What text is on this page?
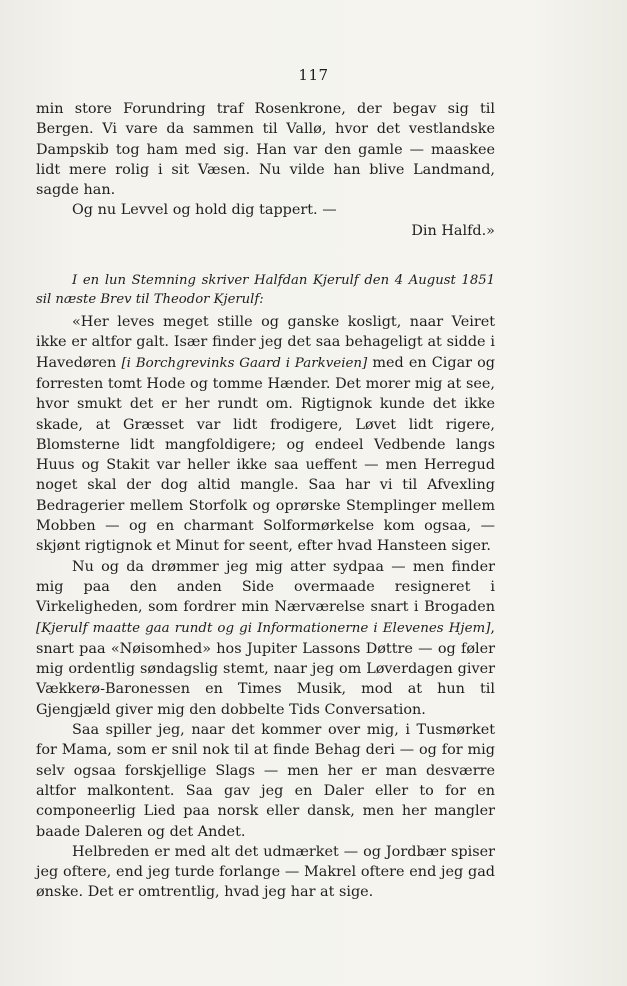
117

min store Forundring traf Rosenkrone, der begav sig til Bergen. Vi vare da sammen til Vallø, hvor det vestlandske Dampskib tog ham med sig. Han var den gamle — maaskee lidt mere rolig i sit Væsen. Nu vilde han blive Landmand, sagde han.

Og nu Levvel og hold dig tappert. —

Din Halfd.»

I en lun Stemning skriver Halfdan Kjerulf den 4 August 1851 sil næste Brev til Theodor Kjerulf:

«Her leves meget stille og ganske kosligt, naar Veiret ikke er altfor galt. Især finder jeg det saa behageligt at sidde i Havedøren [i Borchgrevinks Gaard i Parkveien] med en Cigar og forresten tomt Hode og tomme Hænder. Det morer mig at see, hvor smukt det er her rundt om. Rigtignok kunde det ikke skade, at Græsset var lidt frodigere, Løvet lidt rigere, Blomsterne lidt mangfoldigere; og endeel Vedbende langs Huus og Stakit var heller ikke saa ueffent — men Herregud noget skal der dog altid mangle. Saa har vi til Afvexling Bedragerier mellem Storfolk og oprørske Stemplinger mellem Mobben — og en charmant Solformørkelse kom ogsaa, — skjønt rigtignok et Minut for seent, efter hvad Hansteen siger.

Nu og da drømmer jeg mig atter sydpaa — men finder mig paa den anden Side overmaade resigneret i Virkeligheden, som fordrer min Nærværelse snart i Brogaden [Kjerulf maatte gaa rundt og gi Informationerne i Elevenes Hjem], snart paa «Nøisomhed» hos Jupiter Lassons Døttre — og føler mig ordentlig søndagslig stemt, naar jeg om Løverdagen giver Vækkerø-Baronessen en Times Musik, mod at hun til Gjengjæld giver mig den dobbelte Tids Conversation.

Saa spiller jeg, naar det kommer over mig, i Tusmørket for Mama, som er snil nok til at finde Behag deri — og for mig selv ogsaa forskjellige Slags — men her er man desværre altfor malkontent. Saa gav jeg en Daler eller to for en componeerlig Lied paa norsk eller dansk, men her mangler baade Daleren og det Andet.

Helbreden er med alt det udmærket — og Jordbær spiser jeg oftere, end jeg turde forlange — Makrel oftere end jeg gad ønske. Det er omtrentlig, hvad jeg har at sige.
